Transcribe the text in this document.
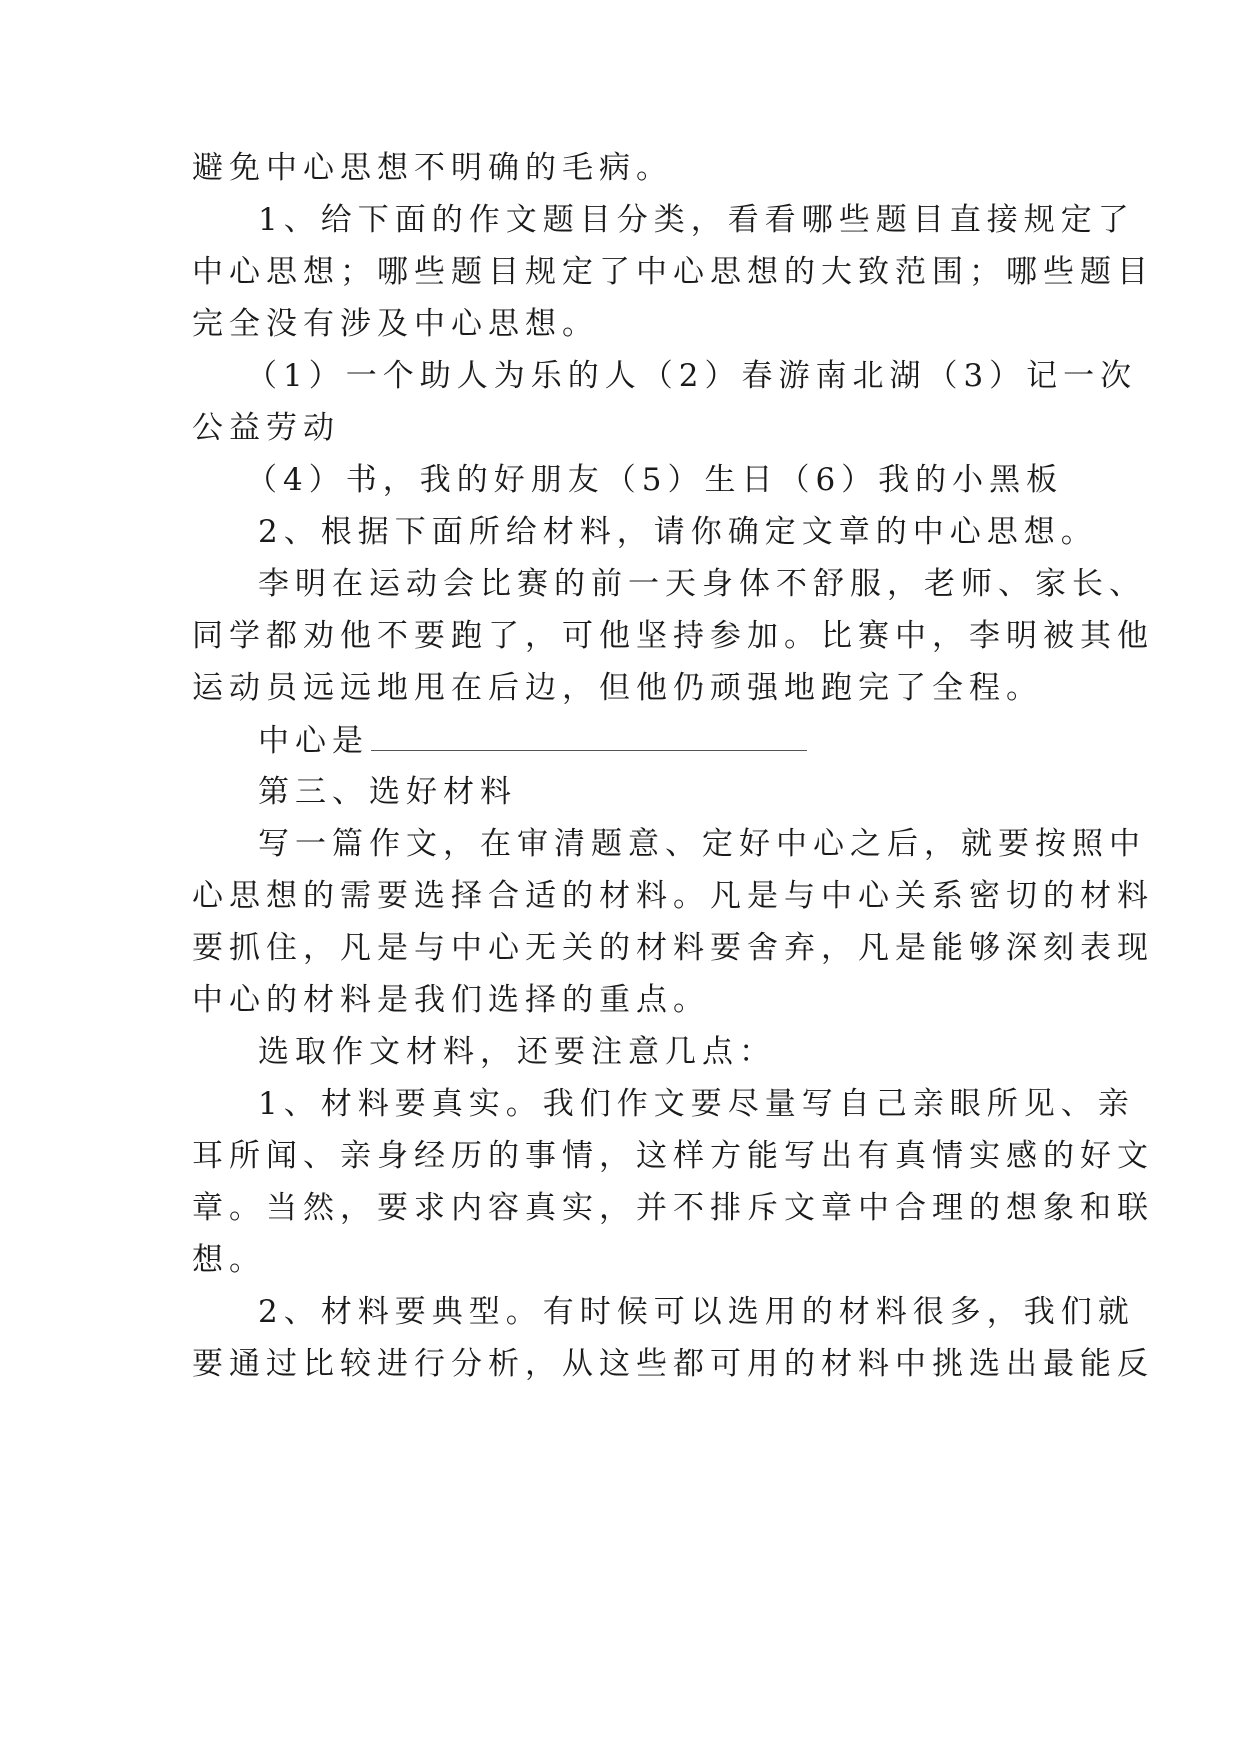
避免中心思想不明确的毛病。
1、给下面的作文题目分类，看看哪些题目直接规定了
中心思想；哪些题目规定了中心思想的大致范围；哪些题目
完全没有涉及中心思想。
（1）一个助人为乐的人（2）春游南北湖（3）记一次
公益劳动
（4）书，我的好朋友（5）生日（6）我的小黑板
2、根据下面所给材料，请你确定文章的中心思想。
李明在运动会比赛的前一天身体不舒服，老师、家长、
同学都劝他不要跑了，可他坚持参加。比赛中，李明被其他
运动员远远地甩在后边，但他仍顽强地跑完了全程。
中心是
第三、选好材料
写一篇作文，在审清题意、定好中心之后，就要按照中
心思想的需要选择合适的材料。凡是与中心关系密切的材料
要抓住，凡是与中心无关的材料要舍弃，凡是能够深刻表现
中心的材料是我们选择的重点。
选取作文材料，还要注意几点：
1、材料要真实。我们作文要尽量写自己亲眼所见、亲
耳所闻、亲身经历的事情，这样方能写出有真情实感的好文
章。当然，要求内容真实，并不排斥文章中合理的想象和联
想。
2、材料要典型。有时候可以选用的材料很多，我们就
要通过比较进行分析，从这些都可用的材料中挑选出最能反
